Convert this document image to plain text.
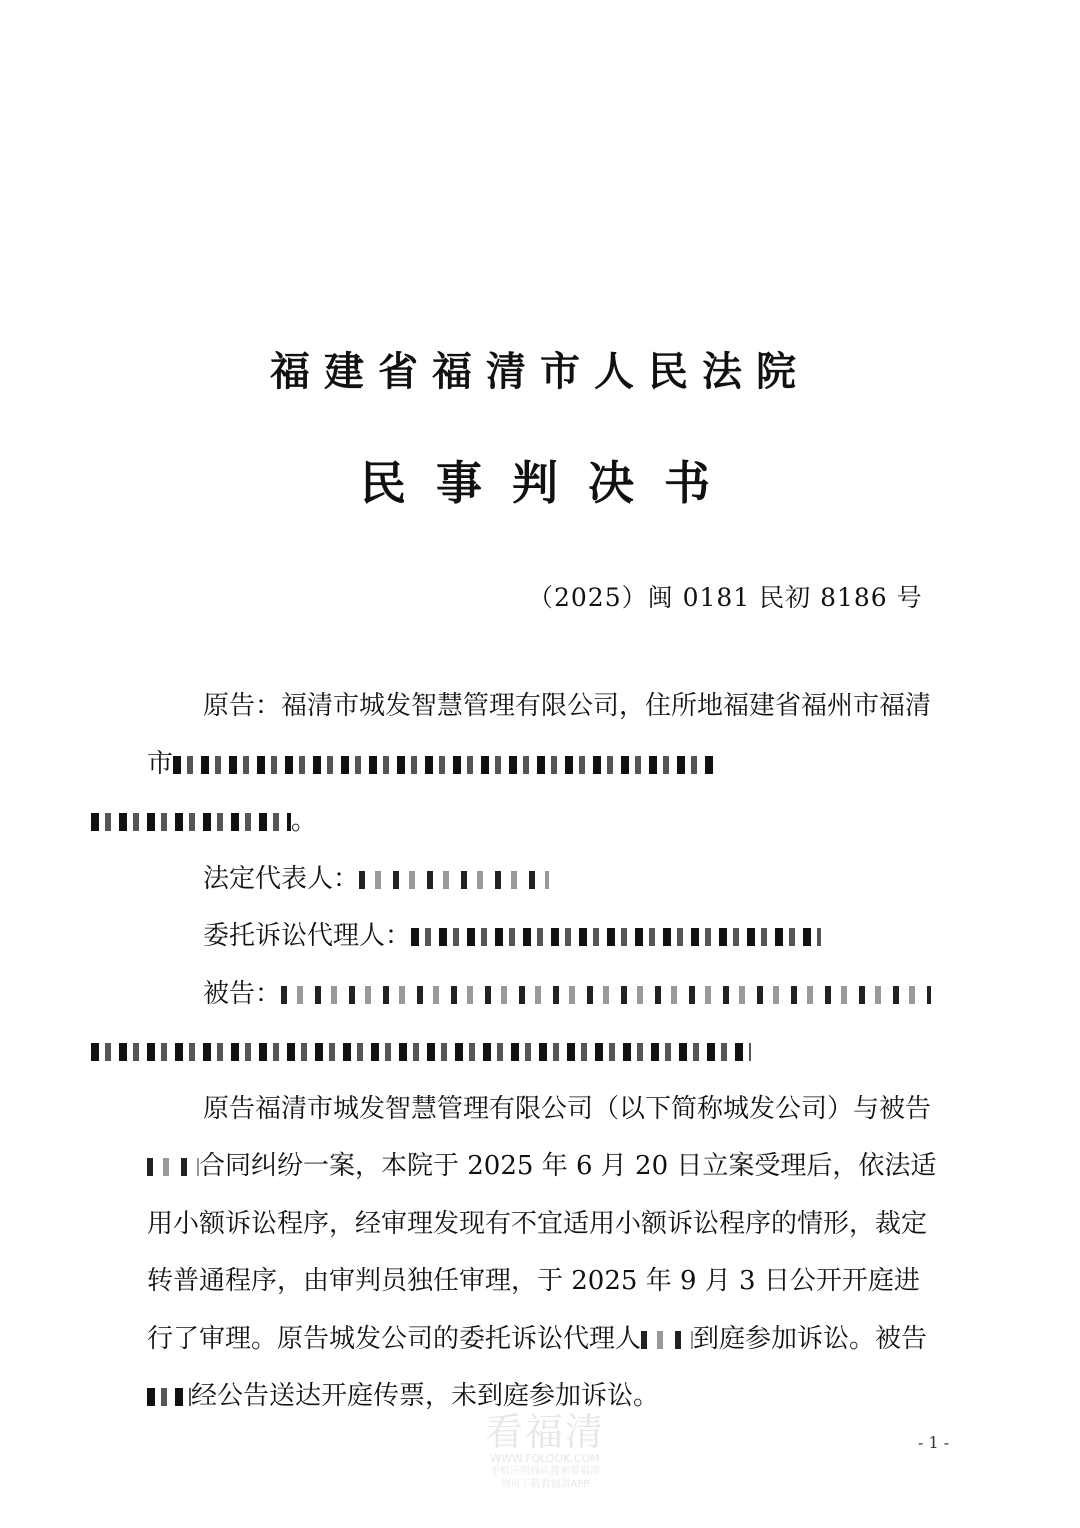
福建省福清市人民法院
民事判决书
（2025）闽 0181 民初 8186 号

原告：福清市城发智慧管理有限公司，住所地福建省福州市福清市
。

法定代表人：

委托诉讼代理人：

被告：

原告福清市城发智慧管理有限公司（以下简称城发公司）与被告合同纠纷一案，本院于 2025 年 6 月 20 日立案受理后，依法适用小额诉讼程序，经审理发现有不宜适用小额诉讼程序的情形，裁定转普通程序，由审判员独任审理，于 2025 年 9 月 3 日公开开庭进行了审理。原告城发公司的委托诉讼代理人 到庭参加诉讼。被告经公告送达开庭传票，未到庭参加诉讼。

看福清
WWW.FQLOOK.COM
手机应用商店搜索看福清
均可下载看福清APP
- 1 -
